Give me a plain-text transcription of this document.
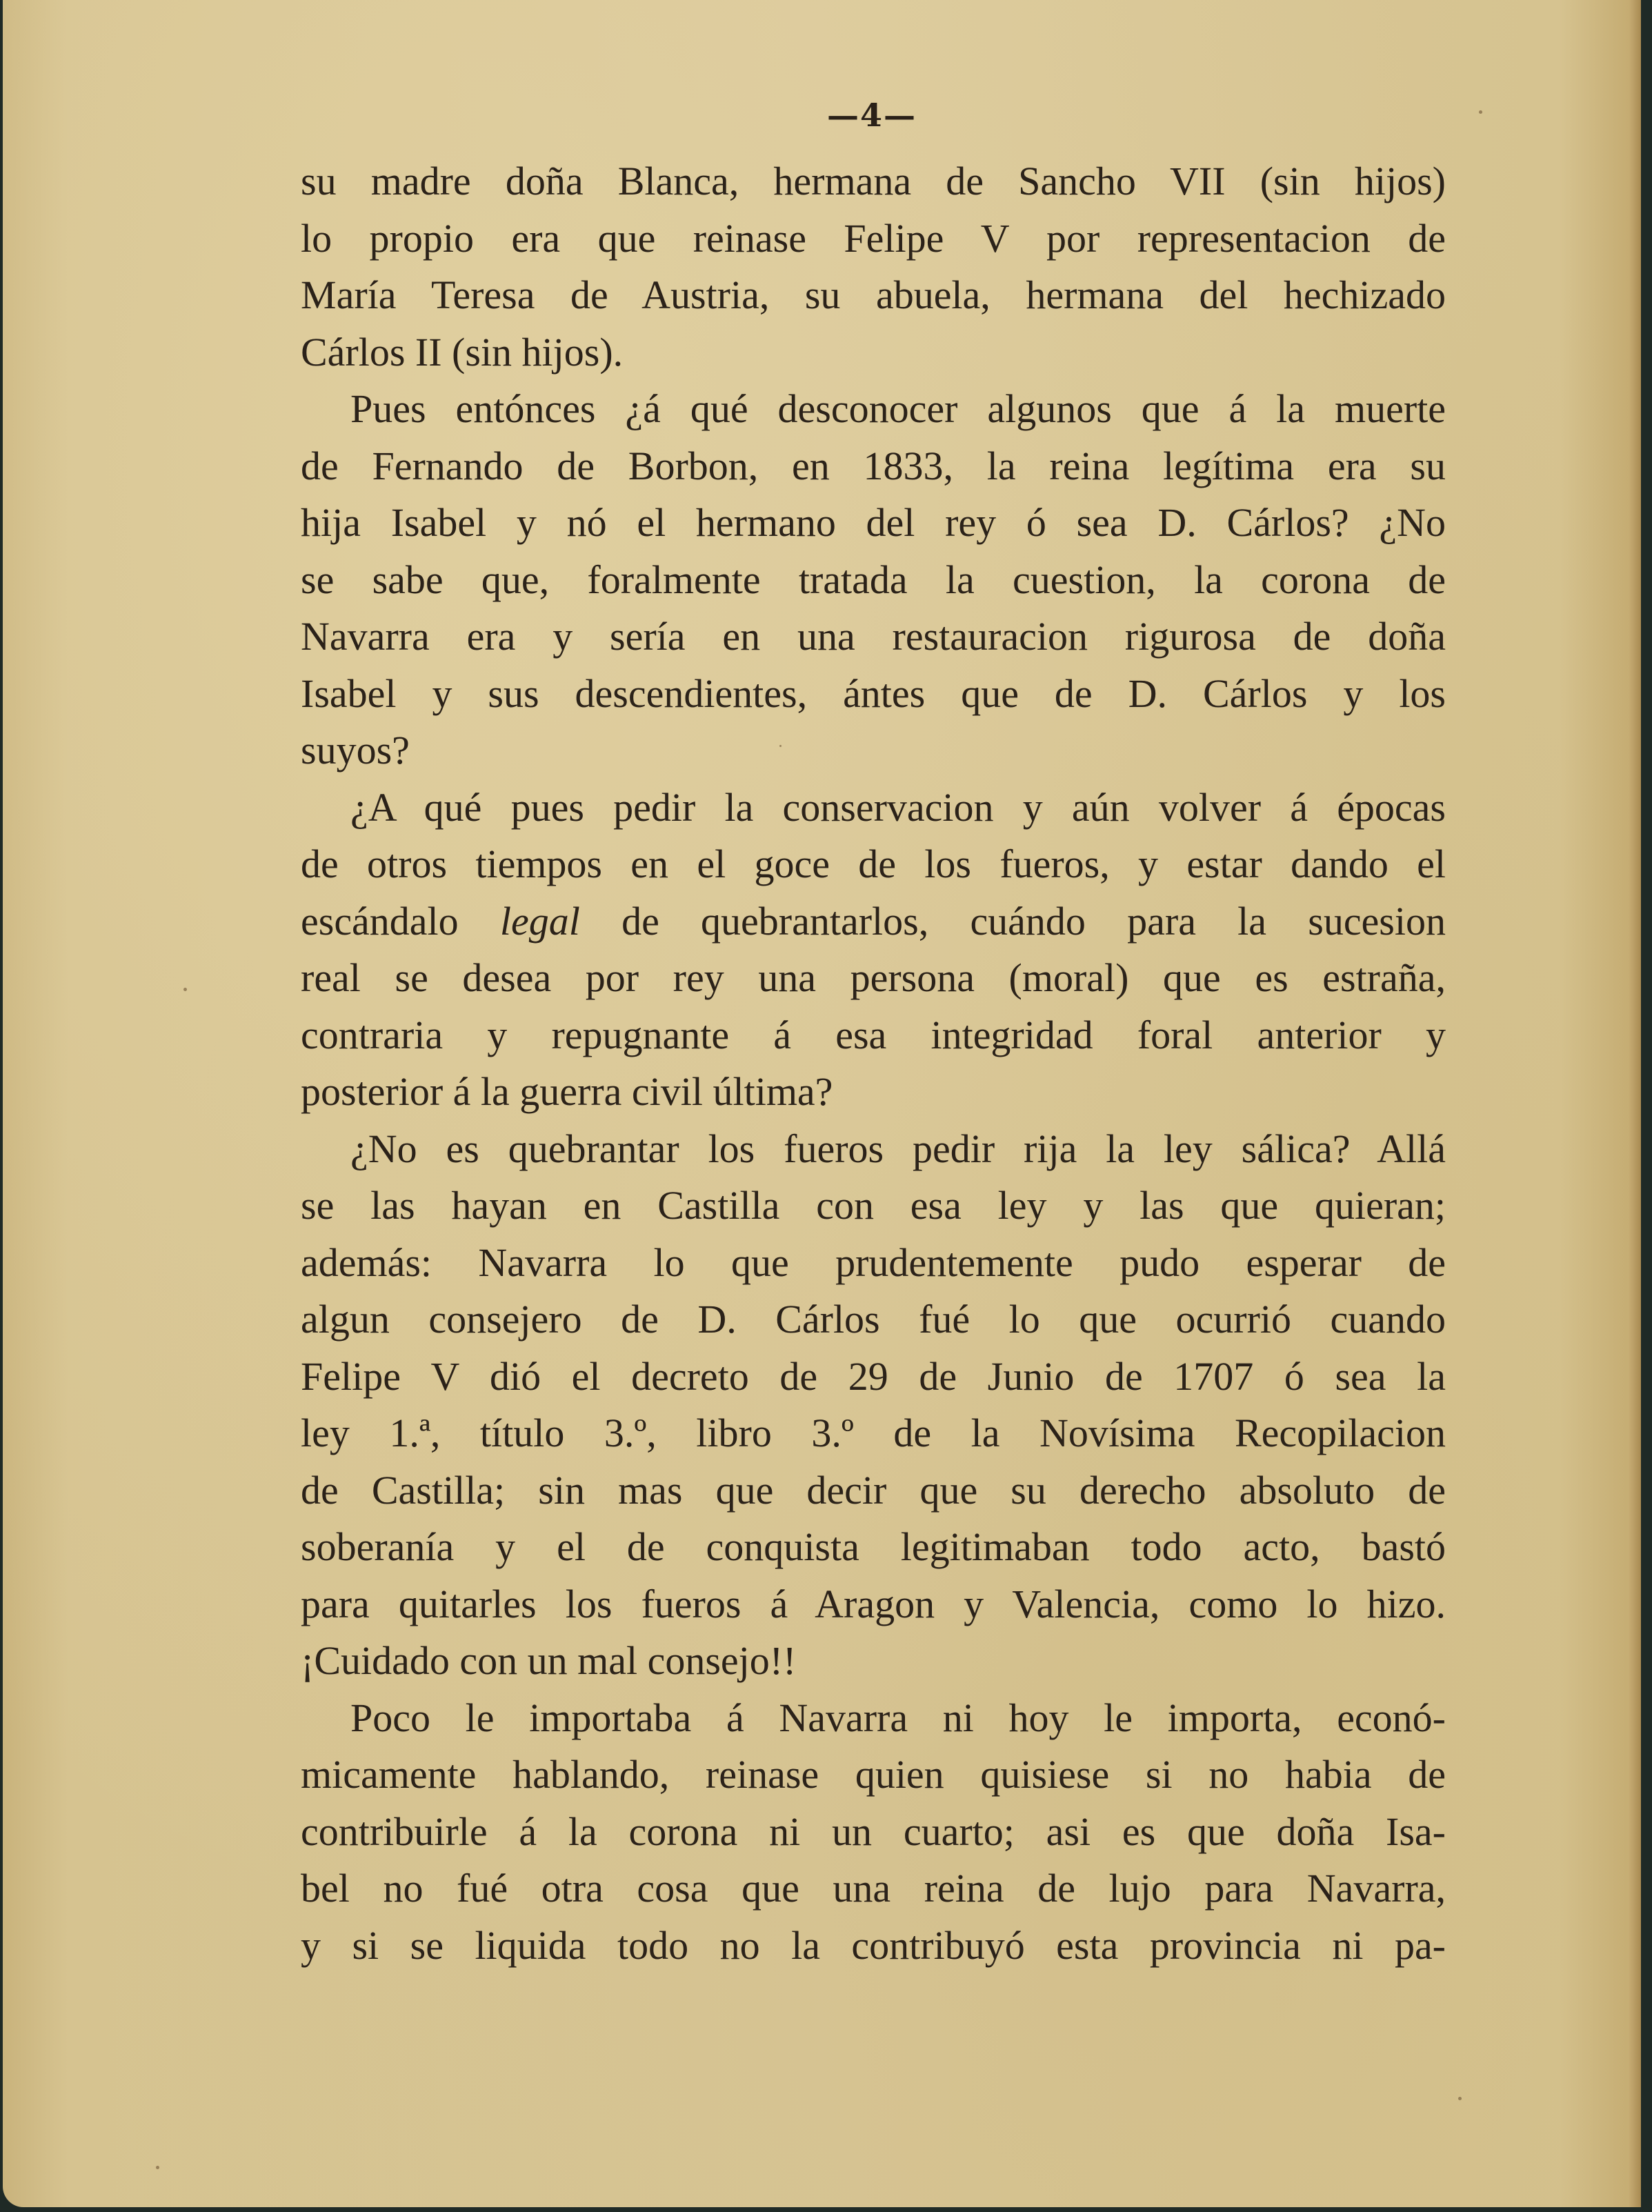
—4—
su madre doña Blanca, hermana de Sancho VII (sin hijos)
lo propio era que reinase Felipe V por representacion de
María Teresa de Austria, su abuela, hermana del hechizado
Cárlos II (sin hijos).
Pues entónces ¿á qué desconocer algunos que á la muerte
de Fernando de Borbon, en 1833, la reina legítima era su
hija Isabel y nó el hermano del rey ó sea D. Cárlos? ¿No
se sabe que, foralmente tratada la cuestion, la corona de
Navarra era y sería en una restauracion rigurosa de doña
Isabel y sus descendientes, ántes que de D. Cárlos y los
suyos?
¿A qué pues pedir la conservacion y aún volver á épocas
de otros tiempos en el goce de los fueros, y estar dando el
escándalo legal de quebrantarlos, cuándo para la sucesion
real se desea por rey una persona (moral) que es estraña,
contraria y repugnante á esa integridad foral anterior y
posterior á la guerra civil última?
¿No es quebrantar los fueros pedir rija la ley sálica? Allá
se las hayan en Castilla con esa ley y las que quieran;
además: Navarra lo que prudentemente pudo esperar de
algun consejero de D. Cárlos fué lo que ocurrió cuando
Felipe V dió el decreto de 29 de Junio de 1707 ó sea la
ley 1.ª, título 3.º, libro 3.º de la Novísima Recopilacion
de Castilla; sin mas que decir que su derecho absoluto de
soberanía y el de conquista legitimaban todo acto, bastó
para quitarles los fueros á Aragon y Valencia, como lo hizo.
¡Cuidado con un mal consejo!!
Poco le importaba á Navarra ni hoy le importa, econó-
micamente hablando, reinase quien quisiese si no habia de
contribuirle á la corona ni un cuarto; asi es que doña Isa-
bel no fué otra cosa que una reina de lujo para Navarra,
y si se liquida todo no la contribuyó esta provincia ni pa-
